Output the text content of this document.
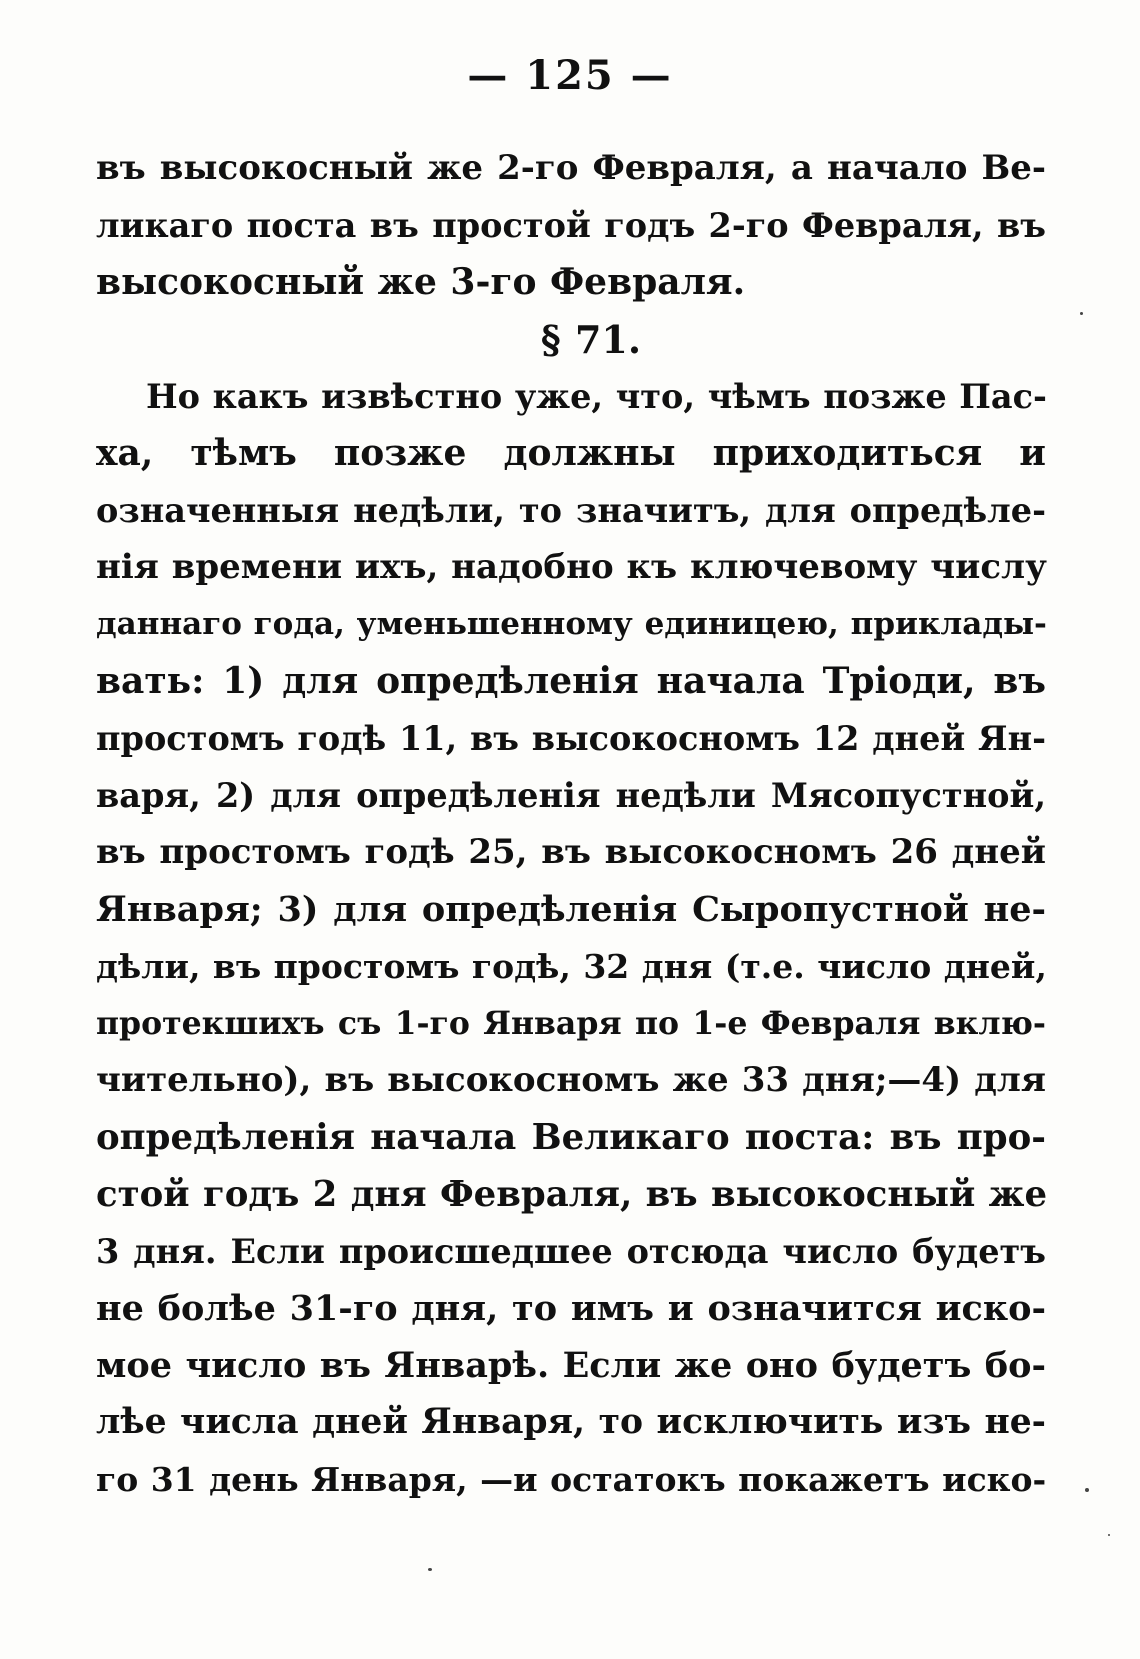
— 125 —
въ высокосный же 2-го Февраля, а начало Ве-
ликаго поста въ простой годъ 2-го Февраля, въ
высокосный же 3-го Февраля.
§ 71.
Но какъ извѣстно уже, что, чѣмъ позже Пас-
ха, тѣмъ позже должны приходиться и
означенныя недѣли, то значитъ, для опредѣле-
нія времени ихъ, надобно къ ключевому числу
даннаго года, уменьшенному единицею, приклады-
вать: 1) для опредѣленія начала Тріоди, въ
простомъ годѣ 11, въ высокосномъ 12 дней Ян-
варя, 2) для опредѣленія недѣли Мясопустной,
въ простомъ годѣ 25, въ высокосномъ 26 дней
Января; 3) для опредѣленія Сыропустной не-
дѣли, въ простомъ годѣ, 32 дня (т.е. число дней,
протекшихъ съ 1-го Января по 1-е Февраля вклю-
чительно), въ высокосномъ же 33 дня;—4) для
опредѣленія начала Великаго поста: въ про-
стой годъ 2 дня Февраля, въ высокосный же
3 дня. Если происшедшее отсюда число будетъ
не болѣе 31-го дня, то имъ и означится иско-
мое число въ Январѣ. Если же оно будетъ бо-
лѣе числа дней Января, то исключить изъ не-
го 31 день Января, —и остатокъ покажетъ иско-
